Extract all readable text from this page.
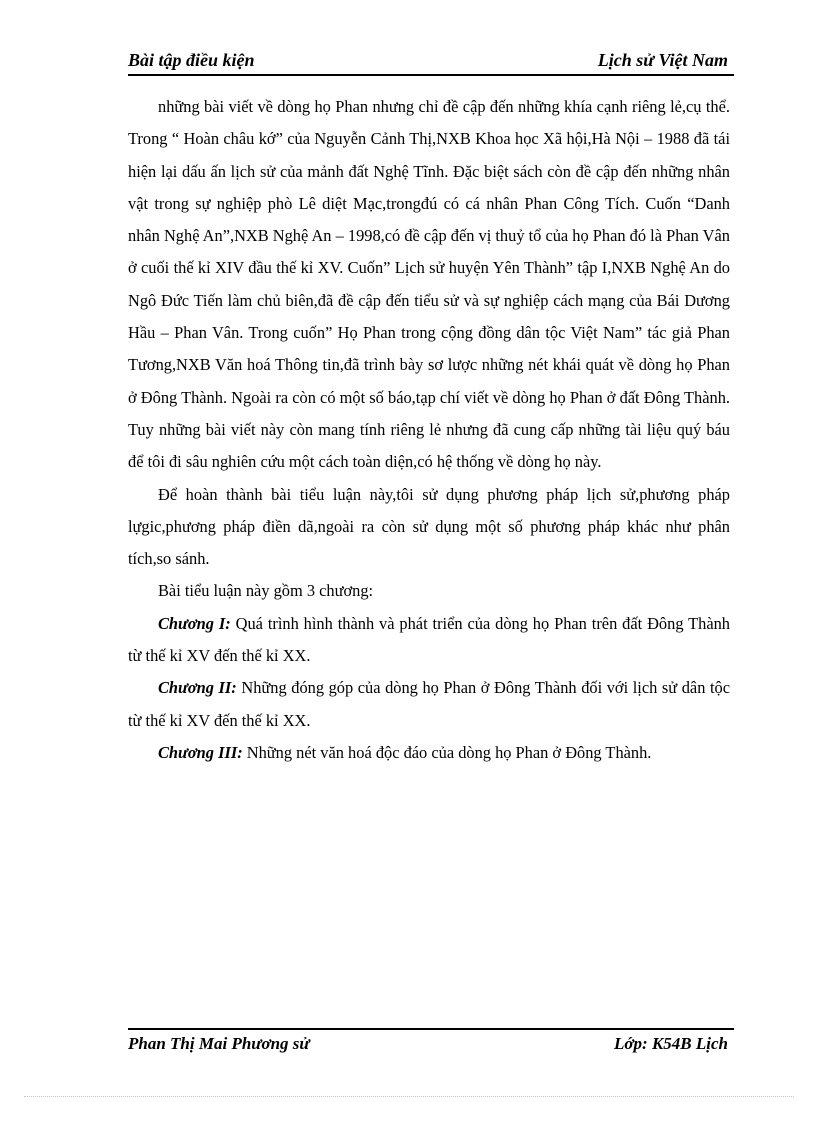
Bài tập điều kiện	Lịch sử Việt Nam

những bài viết về dòng họ Phan nhưng chỉ đề cập đến những khía cạnh riêng lẻ,cụ thể. Trong “ Hoàn châu kớ” của Nguyễn Cảnh Thị,NXB Khoa học Xã hội,Hà Nội – 1988 đã tái hiện lại dấu ấn lịch sử của mảnh đất Nghệ Tĩnh. Đặc biệt sách còn đề cập đến những nhân vật trong sự nghiệp phò Lê diệt Mạc,trongđú có cá nhân Phan Công Tích. Cuốn “Danh nhân Nghệ An”,NXB Nghệ An – 1998,có đề cập đến vị thuỷ tổ của họ Phan đó là Phan Vân ở cuối thế kỉ XIV đầu thế kỉ XV. Cuốn” Lịch sử huyện Yên Thành” tập I,NXB Nghệ An do Ngô Đức Tiến làm chủ biên,đã đề cập đến tiểu sử và sự nghiệp cách mạng của Bái Dương Hầu – Phan Vân. Trong cuốn” Họ Phan trong cộng đồng dân tộc Việt Nam” tác giả Phan Tương,NXB Văn hoá Thông tin,đã trình bày sơ lược những nét khái quát về dòng họ Phan ở Đông Thành. Ngoài ra còn có một số báo,tạp chí viết về dòng họ Phan ở đất Đông Thành. Tuy những bài viết này còn mang tính riêng lẻ nhưng đã cung cấp những tài liệu quý báu để tôi đi sâu nghiên cứu một cách toàn diện,có hệ thống về dòng họ này.

Để hoàn thành bài tiểu luận này,tôi sử dụng phương pháp lịch sử,phương pháp lựgic,phương pháp điền dã,ngoài ra còn sử dụng một số phương pháp khác như phân tích,so sánh.

Bài tiểu luận này gồm 3 chương:

Chương I: Quá trình hình thành và phát triển của dòng họ Phan trên đất Đông Thành từ thế kỉ XV đến thế kỉ XX.

Chương II: Những đóng góp của dòng họ Phan ở Đông Thành đối với lịch sử dân tộc từ thế kỉ XV đến thế kỉ XX.

Chương III: Những nét văn hoá độc đáo của dòng họ Phan ở Đông Thành.

Phan Thị Mai Phương sử	Lớp: K54B Lịch
